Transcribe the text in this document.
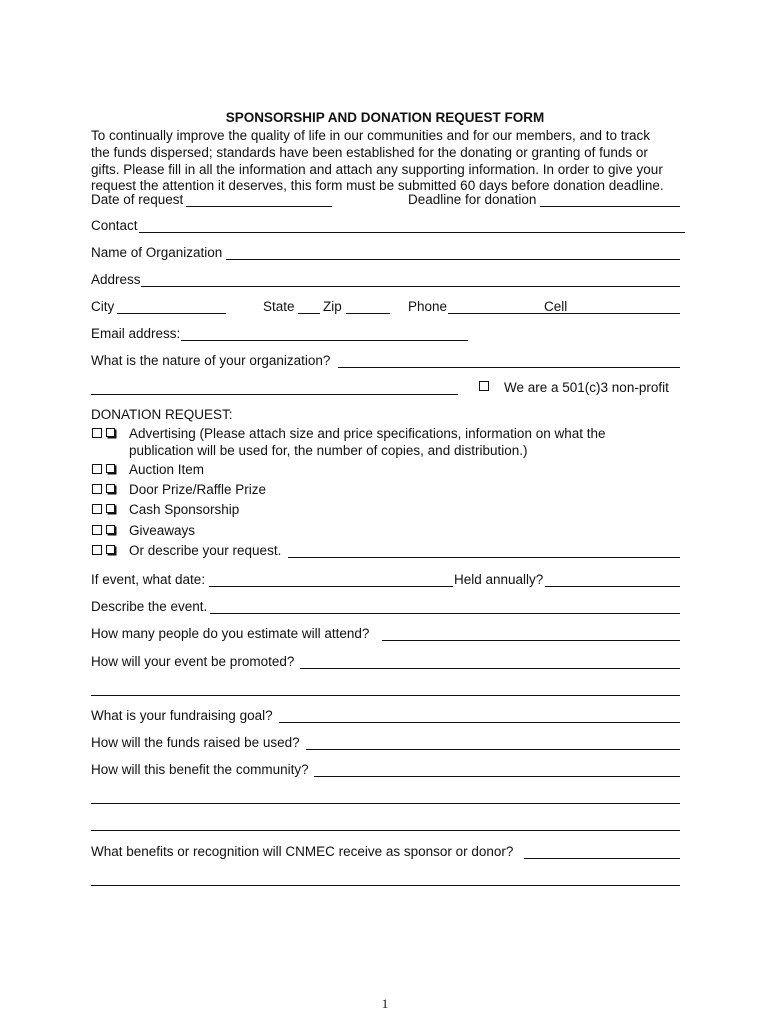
SPONSORSHIP AND DONATION REQUEST FORM
To continually improve the quality of life in our communities and for our members, and to track
the funds dispersed; standards have been established for the donating or granting of funds or
gifts. Please fill in all the information and attach any supporting information. In order to give your
request the attention it deserves, this form must be submitted 60 days before donation deadline.
Date of request	Deadline for donation
Contact
Name of Organization
Address
City	State Zip	Phone	Cell
Email address:
What is the nature of your organization?
We are a 501(c)3 non-profit
DONATION REQUEST:
Advertising (Please attach size and price specifications, information on what the
publication will be used for, the number of copies, and distribution.)
Auction Item
Door Prize/Raffle Prize
Cash Sponsorship
Giveaways
Or describe your request.
If event, what date:	Held annually?
Describe the event.
How many people do you estimate will attend?
How will your event be promoted?
What is your fundraising goal?
How will the funds raised be used?
How will this benefit the community?
What benefits or recognition will CNMEC receive as sponsor or donor?
1
